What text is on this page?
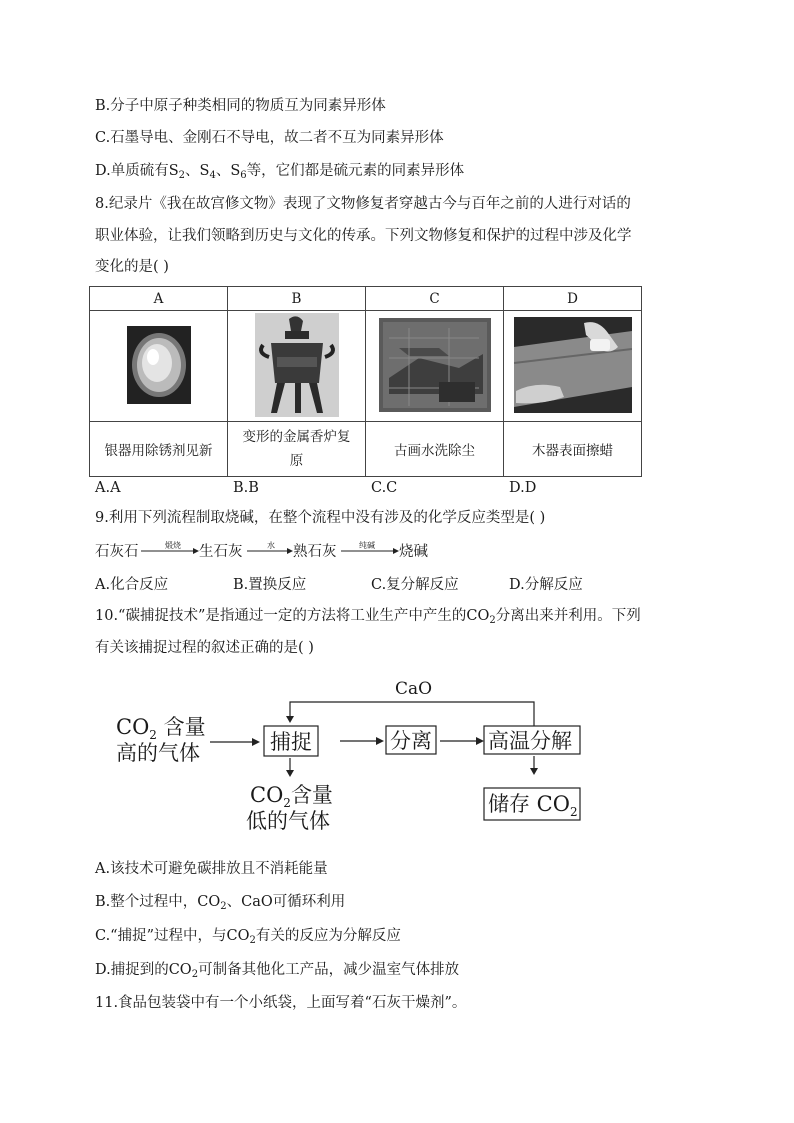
B.分子中原子种类相同的物质互为同素异形体
C.石墨导电、金刚石不导电，故二者不互为同素异形体
D.单质硫有$S_2$、$S_4$、$S_6$等，它们都是硫元素的同素异形体
8.纪录片《我在故宫修文物》表现了文物修复者穿越古今与百年之前的人进行对话的
职业体验，让我们领略到历史与文化的传承。下列文物修复和保护的过程中涉及化学
变化的是( )
A	B	C	D

银器用除锈剂见新	变形的金属香炉复
原	古画水洗除尘	木器表面擦蜡
A.A	B.B	C.C	D.D
9.利用下列流程制取烧碱，在整个流程中没有涉及的化学反应类型是( )
石灰石	煅烧 生石灰	水 熟石灰	纯碱 烧碱
A.化合反应	B.置换反应	C.复分解反应	D.分解反应
10.“碳捕捉技术”是指通过一定的方法将工业生产中产生的$CO_2$分离出来并利用。下列
有关该捕捉过程的叙述正确的是( )
CaO
$CO_2$ 含量
高的气体	捕捉	分离	高温分解
$CO_2$含量
低的气体
储存 $CO_2$
A.该技术可避免碳排放且不消耗能量
B.整个过程中，$CO_2$、CaO可循环利用
C.“捕捉”过程中，与$CO_2$有关的反应为分解反应
D.捕捉到的$CO_2$可制备其他化工产品，减少温室气体排放
11.食品包装袋中有一个小纸袋，上面写着“石灰干燥剂”。
